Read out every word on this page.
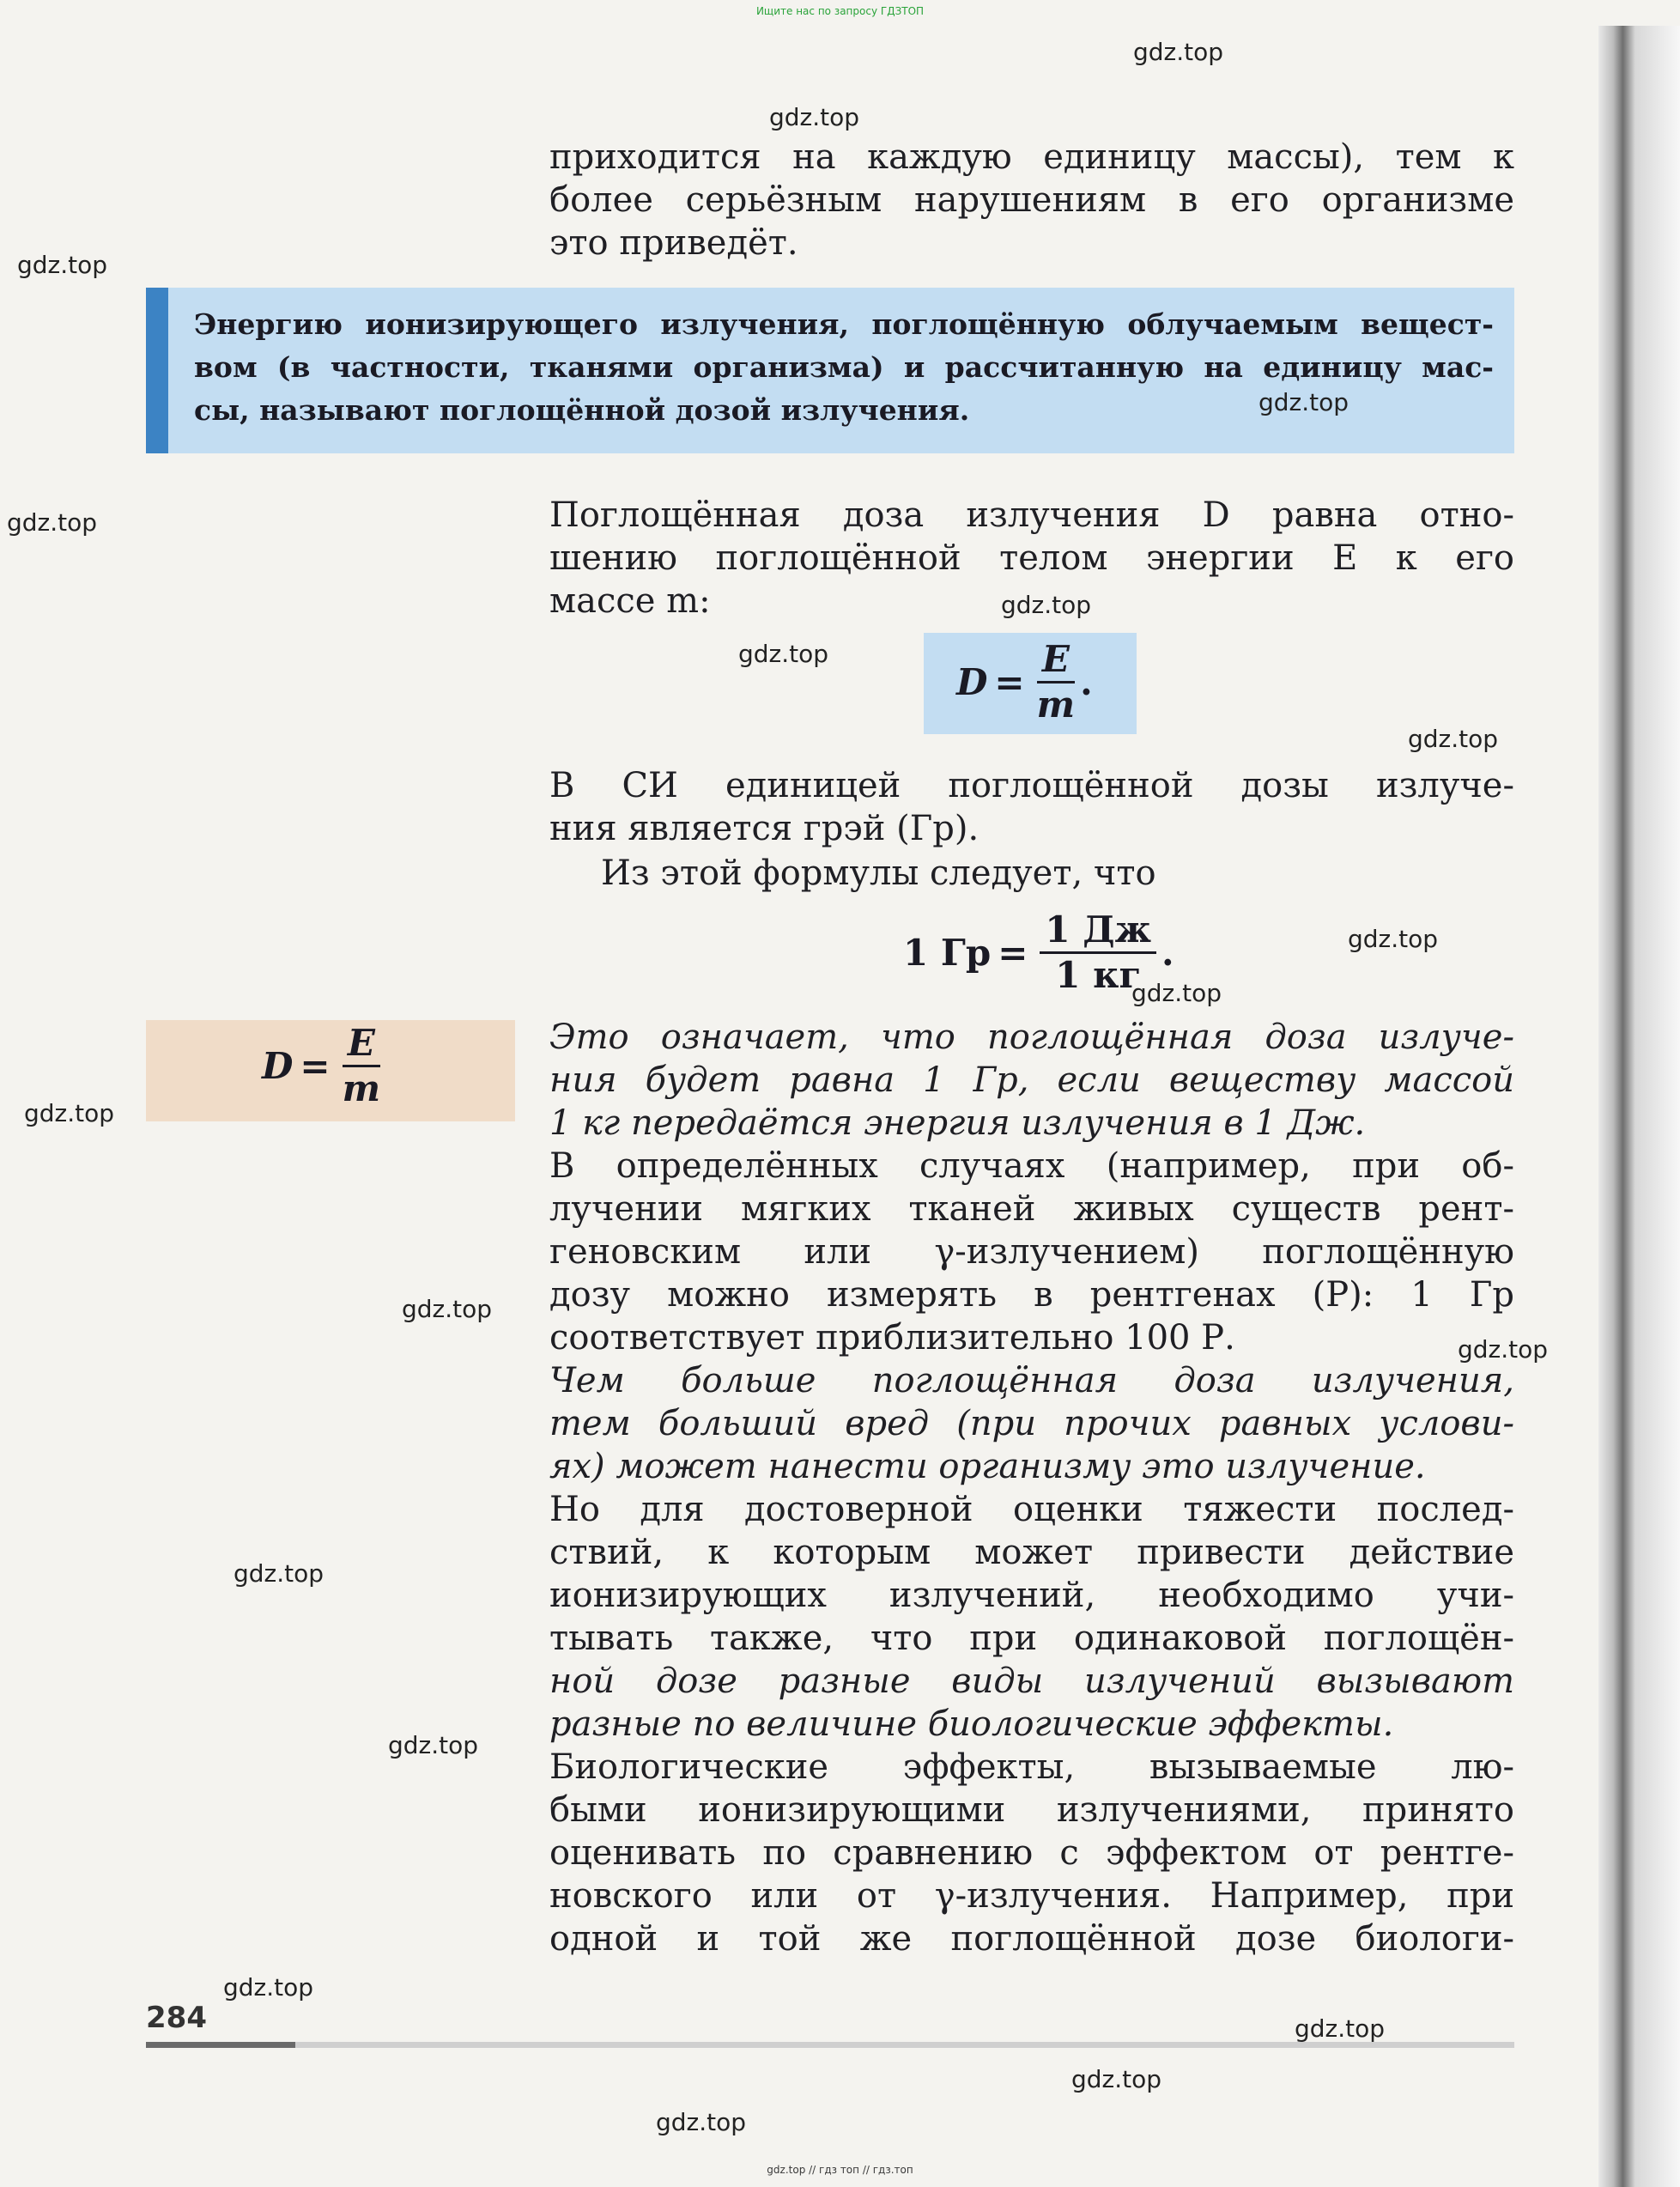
Ищите нас по запросу ГДЗТОП
приходится на каждую единицу массы), тем к
более серьёзным нарушениям в его организме
это приведёт.
Энергию ионизирующего излучения, поглощённую облучаемым вещест-
вом (в частности, тканями организма) и рассчитанную на единицу мас-
сы, называют поглощённой дозой излучения.
Поглощённая доза излучения D равна отно-
шению поглощённой телом энергии E к его
массе m:
$D = \frac{E}{m}$ .
В СИ единицей поглощённой дозы излуче-
ния является грэй (Гр).
Из этой формулы следует, что
1 Гр = $\frac{1 Дж}{1 кг}$ .
Это означает, что поглощённая доза излуче-
ния будет равна 1 Гр, если веществу массой
1 кг передаётся энергия излучения в 1 Дж.
$D = \frac{E}{m}$
В определённых случаях (например, при об-
лучении мягких тканей живых существ рент-
геновским или γ-излучением) поглощённую
дозу можно измерять в рентгенах (Р): 1 Гр
соответствует приблизительно 100 Р.
Чем больше поглощённая доза излучения,
тем больший вред (при прочих равных услови-
ях) может нанести организму это излучение.
Но для достоверной оценки тяжести послед-
ствий, к которым может привести действие
ионизирующих излучений, необходимо учи-
тывать также, что при одинаковой поглощён-
ной дозе разные виды излучений вызывают
разные по величине биологические эффекты.
Биологические эффекты, вызываемые лю-
быми ионизирующими излучениями, принято
оценивать по сравнению с эффектом от рентге-
новского или от γ-излучения. Например, при
одной и той же поглощённой дозе биологи-
284
gdz.top // гдз топ // гдз.топ
gdz.top
gdz.top
gdz.top
gdz.top
gdz.top
gdz.top
gdz.top
gdz.top
gdz.top
gdz.top
gdz.top
gdz.top
gdz.top
gdz.top
gdz.top
gdz.top
gdz.top
gdz.top
gdz.top
